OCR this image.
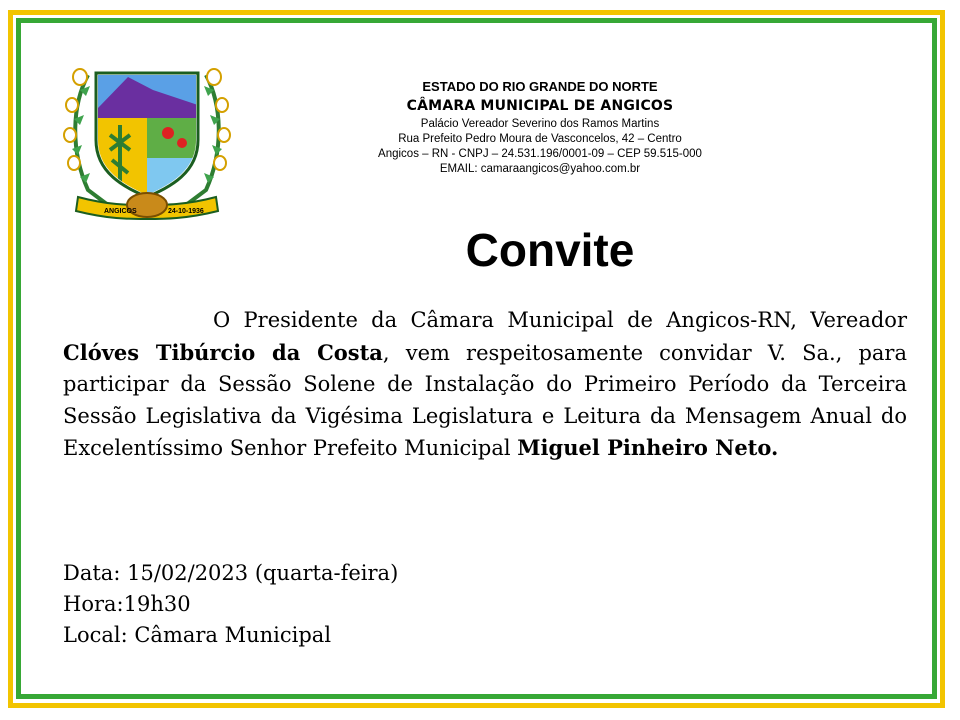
ANGICOS	24-10-1936
ESTADO DO RIO GRANDE DO NORTE
CÂMARA MUNICIPAL DE ANGICOS
Palácio Vereador Severino dos Ramos Martins
Rua Prefeito Pedro Moura de Vasconcelos, 42 – Centro
Angicos – RN - CNPJ – 24.531.196/0001-09 – CEP 59.515-000
EMAIL: camaraangicos@yahoo.com.br
Convite
O Presidente da Câmara Municipal de Angicos-RN, Vereador Clóves Tibúrcio da Costa, vem respeitosamente convidar V. Sa., para participar da Sessão Solene de Instalação do Primeiro Período da Terceira Sessão Legislativa da Vigésima Legislatura e Leitura da Mensagem Anual do Excelentíssimo Senhor Prefeito Municipal Miguel Pinheiro Neto.
Data: 15/02/2023 (quarta-feira)
Hora:19h30
Local: Câmara Municipal
